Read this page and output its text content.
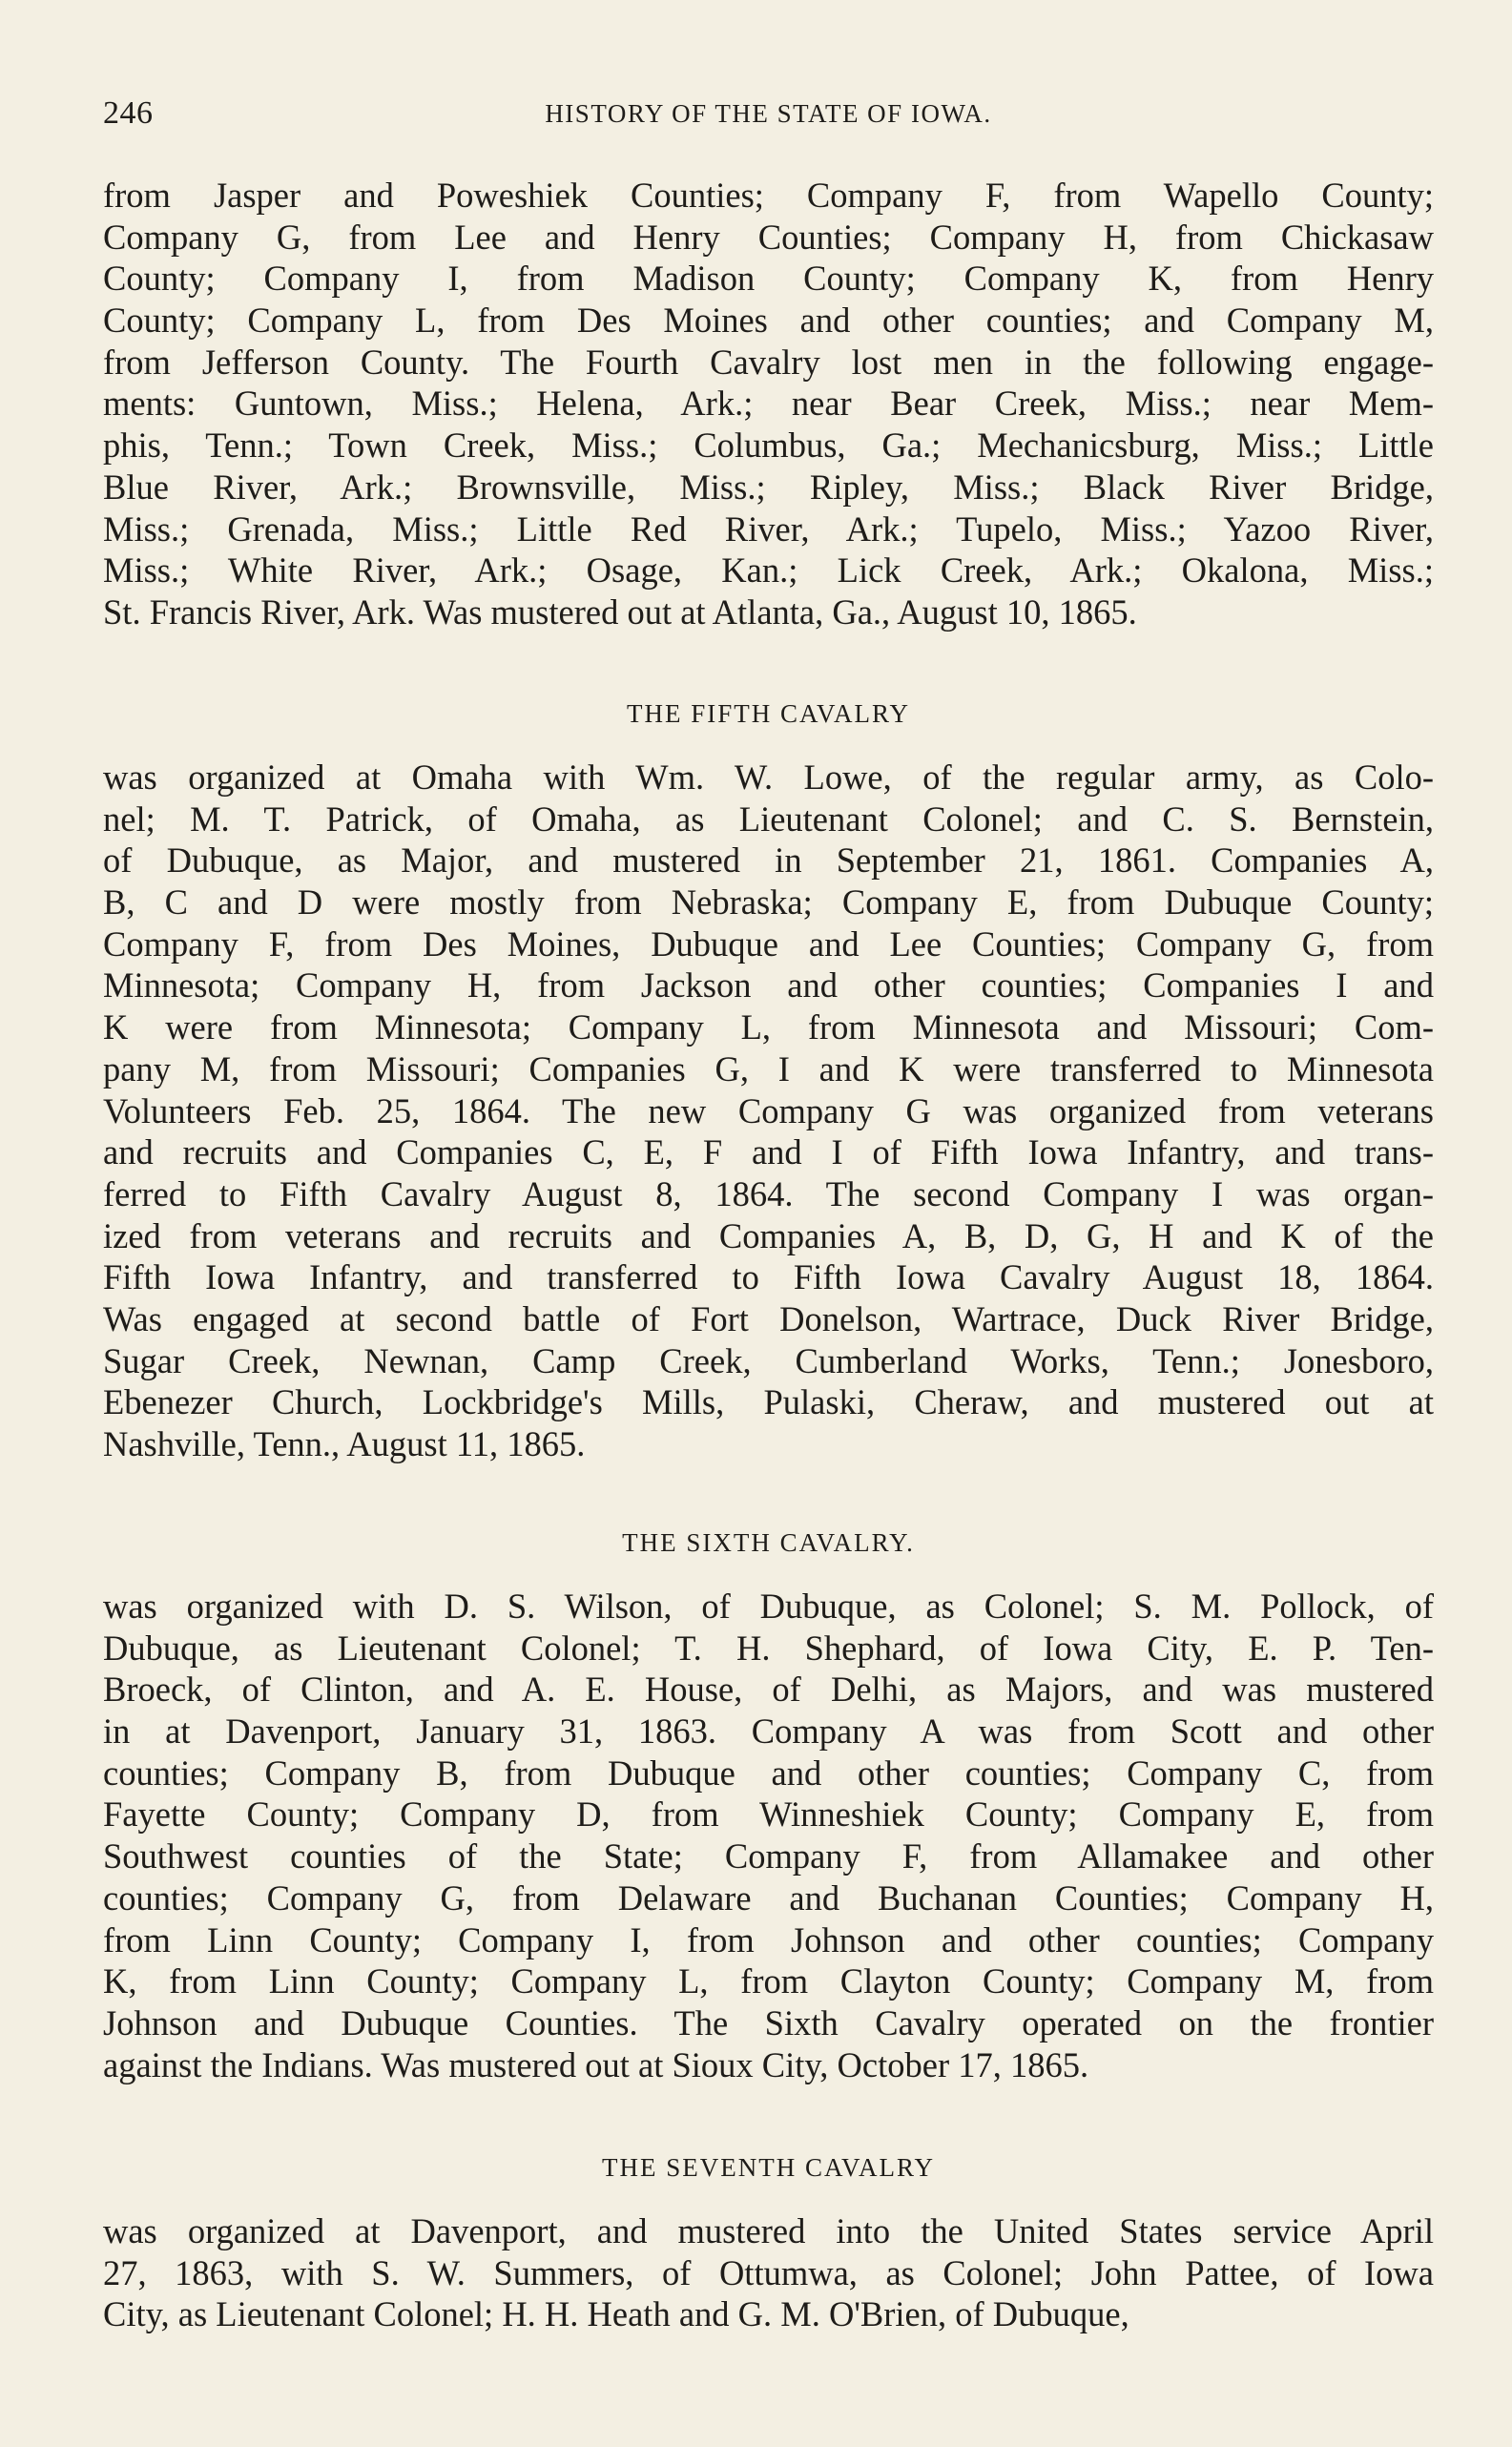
246	HISTORY OF THE STATE OF IOWA.
from Jasper and Poweshiek Counties; Company F, from Wapello County;
Company G, from Lee and Henry Counties; Company H, from Chickasaw
County; Company I, from Madison County; Company K, from Henry
County; Company L, from Des Moines and other counties; and Company M,
from Jefferson County. The Fourth Cavalry lost men in the following engage-
ments: Guntown, Miss.; Helena, Ark.; near Bear Creek, Miss.; near Mem-
phis, Tenn.; Town Creek, Miss.; Columbus, Ga.; Mechanicsburg, Miss.; Little
Blue River, Ark.; Brownsville, Miss.; Ripley, Miss.; Black River Bridge,
Miss.; Grenada, Miss.; Little Red River, Ark.; Tupelo, Miss.; Yazoo River,
Miss.; White River, Ark.; Osage, Kan.; Lick Creek, Ark.; Okalona, Miss.;
St. Francis River, Ark. Was mustered out at Atlanta, Ga., August 10, 1865.
THE FIFTH CAVALRY
was organized at Omaha with Wm. W. Lowe, of the regular army, as Colo-
nel; M. T. Patrick, of Omaha, as Lieutenant Colonel; and C. S. Bernstein,
of Dubuque, as Major, and mustered in September 21, 1861. Companies A,
B, C and D were mostly from Nebraska; Company E, from Dubuque County;
Company F, from Des Moines, Dubuque and Lee Counties; Company G, from
Minnesota; Company H, from Jackson and other counties; Companies I and
K were from Minnesota; Company L, from Minnesota and Missouri; Com-
pany M, from Missouri; Companies G, I and K were transferred to Minnesota
Volunteers Feb. 25, 1864. The new Company G was organized from veterans
and recruits and Companies C, E, F and I of Fifth Iowa Infantry, and trans-
ferred to Fifth Cavalry August 8, 1864. The second Company I was organ-
ized from veterans and recruits and Companies A, B, D, G, H and K of the
Fifth Iowa Infantry, and transferred to Fifth Iowa Cavalry August 18, 1864.
Was engaged at second battle of Fort Donelson, Wartrace, Duck River Bridge,
Sugar Creek, Newnan, Camp Creek, Cumberland Works, Tenn.; Jonesboro,
Ebenezer Church, Lockbridge's Mills, Pulaski, Cheraw, and mustered out at
Nashville, Tenn., August 11, 1865.
THE SIXTH CAVALRY.
was organized with D. S. Wilson, of Dubuque, as Colonel; S. M. Pollock, of
Dubuque, as Lieutenant Colonel; T. H. Shephard, of Iowa City, E. P. Ten-
Broeck, of Clinton, and A. E. House, of Delhi, as Majors, and was mustered
in at Davenport, January 31, 1863. Company A was from Scott and other
counties; Company B, from Dubuque and other counties; Company C, from
Fayette County; Company D, from Winneshiek County; Company E, from
Southwest counties of the State; Company F, from Allamakee and other
counties; Company G, from Delaware and Buchanan Counties; Company H,
from Linn County; Company I, from Johnson and other counties; Company
K, from Linn County; Company L, from Clayton County; Company M, from
Johnson and Dubuque Counties. The Sixth Cavalry operated on the frontier
against the Indians. Was mustered out at Sioux City, October 17, 1865.
THE SEVENTH CAVALRY
was organized at Davenport, and mustered into the United States service April
27, 1863, with S. W. Summers, of Ottumwa, as Colonel; John Pattee, of Iowa
City, as Lieutenant Colonel; H. H. Heath and G. M. O'Brien, of Dubuque,
